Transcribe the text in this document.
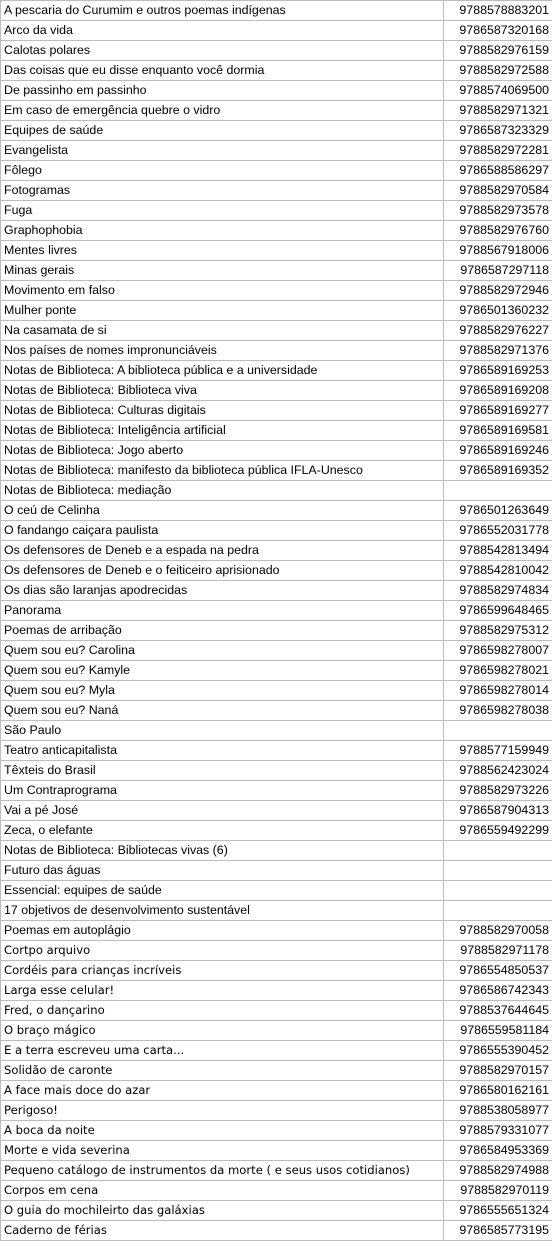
A pescaria do Curumim e outros poemas indígenas	9788578883201
Arco da vida	9786587320168
Calotas polares	9788582976159
Das coisas que eu disse enquanto você dormia	9788582972588
De passinho em passinho	9788574069500
Em caso de emergência quebre o vidro	9788582971321
Equipes de saúde	9786587323329
Evangelista	9788582972281
Fôlego	9786588586297
Fotogramas	9788582970584
Fuga	9788582973578
Graphophobia	9788582976760
Mentes livres	9788567918006
Minas gerais	9786587297118
Movimento em falso	9788582972946
Mulher ponte	9786501360232
Na casamata de si	9788582976227
Nos países de nomes impronunciáveis	9788582971376
Notas de Biblioteca: A biblioteca pública e a universidade	9786589169253
Notas de Biblioteca: Biblioteca viva	9786589169208
Notas de Biblioteca: Culturas digitais	9786589169277
Notas de Biblioteca: Inteligência artificial	9786589169581
Notas de Biblioteca: Jogo aberto	9786589169246
Notas de Biblioteca: manifesto da biblioteca pública IFLA-Unesco	9786589169352
Notas de Biblioteca: mediação	
O ceú de Celinha	9786501263649
O fandango caiçara paulista	9786552031778
Os defensores de Deneb e a espada na pedra	9788542813494
Os defensores de Deneb e o feiticeiro aprisionado	9788542810042
Os dias são laranjas apodrecidas	9788582974834
Panorama	9786599648465
Poemas de arribação	9788582975312
Quem sou eu? Carolina	9786598278007
Quem sou eu? Kamyle	9786598278021
Quem sou eu? Myla	9786598278014
Quem sou eu? Naná	9786598278038
São Paulo	
Teatro anticapitalista	9788577159949
Têxteis do Brasil	9788562423024
Um Contraprograma	9788582973226
Vai a pé José	9786587904313
Zeca, o elefante	9786559492299
Notas de Biblioteca: Bibliotecas vivas (6)	
Futuro das águas	
Essencial: equipes de saúde	
17 objetivos de desenvolvimento sustentável	
Poemas em autoplágio	9788582970058
Cortpo arquivo	9788582971178
Cordéis para crianças incríveis	9786554850537
Larga esse celular!	9786586742343
Fred, o dançarino	9788537644645
O braço mágico	9786559581184
E a terra escreveu uma carta...	9786555390452
Solidão de caronte	9788582970157
A face mais doce do azar	9786580162161
Perigoso!	9788538058977
A boca da noite	9788579331077
Morte e vida severina	9786584953369
Pequeno catálogo de instrumentos da morte ( e seus usos cotidianos)	9788582974988
Corpos em cena	9788582970119
O guia do mochileirto das galáxias	9786555651324
Caderno de férias	9786585773195
